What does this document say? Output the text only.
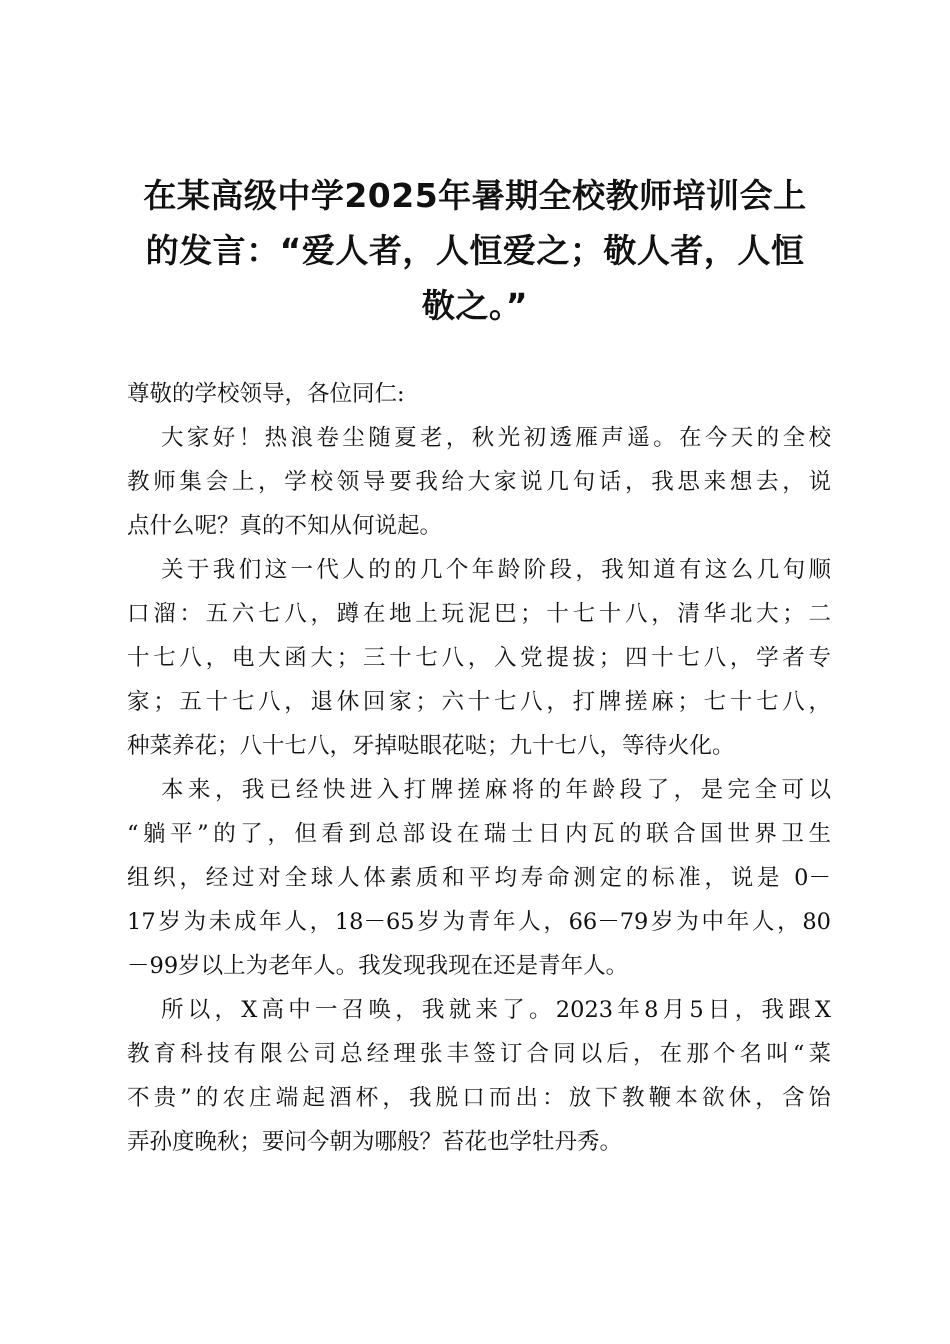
在某高级中学2025年暑期全校教师培训会上
的发言：“爱人者，人恒爱之；敬人者，人恒
敬之。”

尊敬的学校领导，各位同仁:

大家好！热浪卷尘随夏老，秋光初透雁声遥。在今天的全校
教师集会上，学校领导要我给大家说几句话，我思来想去，说
点什么呢？真的不知从何说起。

关于我们这一代人的的几个年龄阶段，我知道有这么几句顺
口溜：五六七八，蹲在地上玩泥巴；十七十八，清华北大；二
十七八，电大函大；三十七八，入党提拔；四十七八，学者专
家；五十七八，退休回家；六十七八，打牌搓麻；七十七八，
种菜养花；八十七八，牙掉哒眼花哒；九十七八，等待火化。

本来，我已经快进入打牌搓麻将的年龄段了，是完全可以
“躺平”的了，但看到总部设在瑞士日内瓦的联合国世界卫生
组织，经过对全球人体素质和平均寿命测定的标准，说是 0－
17岁为未成年人，18－65岁为青年人，66－79岁为中年人，80
－99岁以上为老年人。我发现我现在还是青年人。

所以，X高中一召唤，我就来了。2023年8月5日，我跟X
教育科技有限公司总经理张丰签订合同以后，在那个名叫“菜
不贵”的农庄端起酒杯，我脱口而出：放下教鞭本欲休，含饴
弄孙度晚秋；要问今朝为哪般？苔花也学牡丹秀。
